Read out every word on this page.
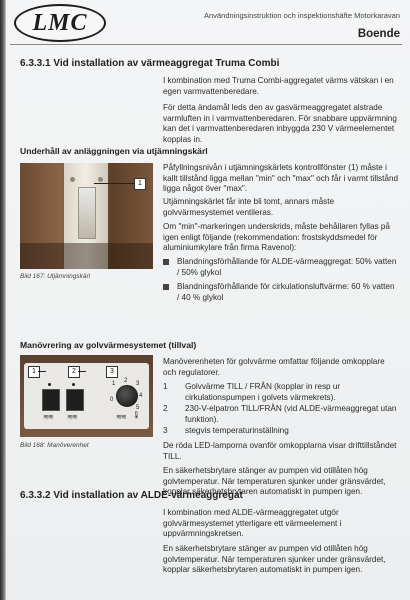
LMC	Användningsinstruktion och inspektionshäfte Motorkaravan
Boende
6.3.3.1 Vid installation av värmeaggregat Truma Combi

I kombination med Truma Combi-aggregatet värms vätskan i en egen varmvattenberedare.

För detta ändamål leds den av gasvärmeaggregatet alstrade varmluften in i varmvattenberedaren. För snabbare uppvärmning kan det i varmvattenberedaren inbyggda 230 V värmeelementet kopplas in.

Underhåll av anläggningen via utjämningskärl
1
Bild 167: Utjämningskärl

Påfyllningsnivån i utjämningskärlets kontrollfönster (1) måste i kallt tillstånd ligga mellan "min" och "max" och får i varmt tillstånd ligga något över "max".

Utjämningskärlet får inte bli tomt, annars måste golvvärmesystemet ventileras.

Om "min"-markeringen underskrids, måste behållaren fyllas på igen enligt följande (rekommendation: frostskyddsmedel för aluminiumkylare från firma Ravenol):

Blandningsförhållande för ALDE-värmeaggregat: 50% vatten / 50% glykol
Blandningsförhållande för cirkulationsluftvärme: 60 % vatten / 40 % glykol
Manövrering av golvvärmesystemet (tillval)
1	2	3
≋≋ ≋≋
1 2 3
4
5
0
≋≋ 🌡
Bild 168: Manöverenhet

Manöverenheten för golvvärme omfattar följande omkopplare och regulatorer.

1	Golvvärme TILL / FRÅN (kopplar in resp ur cirkulationspumpen i golvets värmekrets).
2	230-V-elpatron TILL/FRÅN (vid ALDE-värmeaggregat utan funktion).
3	stegvis temperaturinställning

De röda LED-lamporna ovanför omkopplarna visar drifttillståndet TILL.

En säkerhetsbrytare stänger av pumpen vid otillåten hög golvtemperatur. När temperaturen sjunker under gränsvärdet, kopplar säkerhetsbrytaren automatiskt in pumpen igen.

6.3.3.2 Vid installation av ALDE-värmeaggregat

I kombination med ALDE-värmeaggregatet utgör golvvärmesystemet ytterligare ett värmeelement i uppvärmningskretsen.

En säkerhetsbrytare stänger av pumpen vid otillåten hög golvtemperatur. När temperaturen sjunker under gränsvärdet, kopplar säkerhetsbrytaren automatiskt in pumpen igen.
